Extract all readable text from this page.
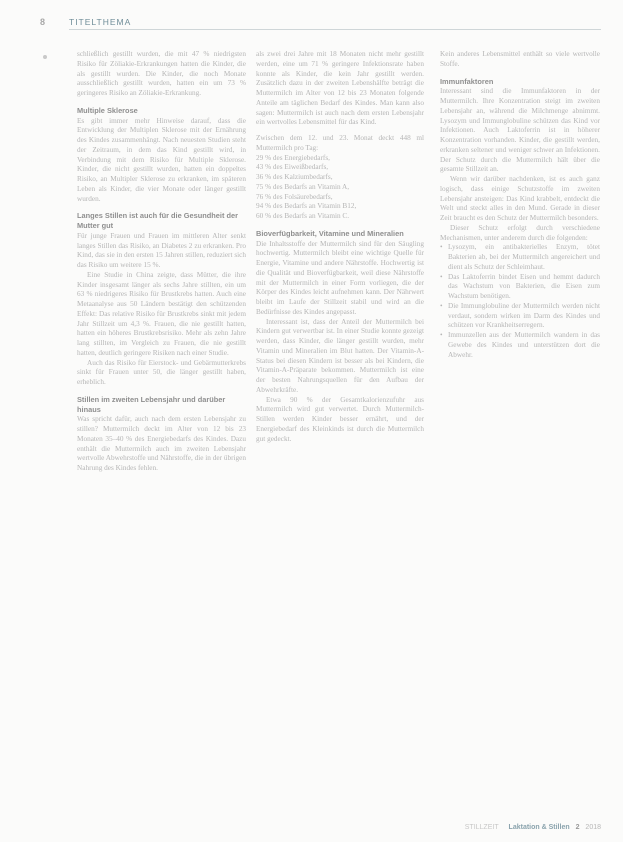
8	TITELTHEMA

schließlich gestillt wurden, die mit 47 % niedrigsten Risiko für Zöliakie-Erkrankungen hatten die Kinder, die als gestillt wurden. Die Kinder, die noch Monate ausschließlich gestillt wurden, hatten ein um 73 % geringeres Risiko an Zöliakie-Erkrankung.

Multiple Sklerose

Es gibt immer mehr Hinweise darauf, dass die Entwicklung der Multiplen Sklerose mit der Ernährung des Kindes zusammenhängt. Nach neuesten Studien steht der Zeitraum, in dem das Kind gestillt wird, in Verbindung mit dem Risiko für Multiple Sklerose. Kinder, die nicht gestillt wurden, hatten ein doppeltes Risiko, an Multipler Sklerose zu erkranken, im späteren Leben als Kinder, die vier Monate oder länger gestillt wurden.

Langes Stillen ist auch für die Gesundheit der Mutter gut

Für junge Frauen und Frauen im mittleren Alter senkt langes Stillen das Risiko, an Diabetes 2 zu erkranken. Pro Kind, das sie in den ersten 15 Jahren stillen, reduziert sich das Risiko um weitere 15 %.

Eine Studie in China zeigte, dass Mütter, die ihre Kinder insgesamt länger als sechs Jahre stillten, ein um 63 % niedrigeres Risiko für Brustkrebs hatten. Auch eine Metaanalyse aus 50 Ländern bestätigt den schützenden Effekt: Das relative Risiko für Brustkrebs sinkt mit jedem Jahr Stillzeit um 4,3 %. Frauen, die nie gestillt hatten, hatten ein höheres Brustkrebsrisiko. Mehr als zehn Jahre lang stillten, im Vergleich zu Frauen, die nie gestillt hatten, deutlich geringere Risiken nach einer Studie.

Auch das Risiko für Eierstock- und Gebärmutterkrebs sinkt für Frauen unter 50, die länger gestillt haben, erheblich.

Stillen im zweiten Lebensjahr und darüber hinaus

Was spricht dafür, auch nach dem ersten Lebensjahr zu stillen? Muttermilch deckt im Alter von 12 bis 23 Monaten 35–40 % des Energiebedarfs des Kindes. Dazu enthält die Muttermilch auch im zweiten Lebensjahr wertvolle Abwehrstoffe und Nährstoffe, die in der übrigen Nahrung des Kindes fehlen.

als zwei drei Jahre mit 18 Monaten nicht mehr gestillt werden, eine um 71 % geringere Infektionsrate haben konnte als Kinder, die kein Jahr gestillt werden. Zusätzlich dazu in der zweiten Lebenshälfte beträgt die Muttermilch im Alter von 12 bis 23 Monaten folgende Anteile am täglichen Bedarf des Kindes. Man kann also sagen: Muttermilch ist auch nach dem ersten Lebensjahr ein wertvolles Lebensmittel für das Kind.

Zwischen dem 12. und 23. Monat deckt 448 ml Muttermilch pro Tag:

29 % des Energiebedarfs,
43 % des Eiweißbedarfs,
36 % des Kalziumbedarfs,
75 % des Bedarfs an Vitamin A,
76 % des Folsäurebedarfs,
94 % des Bedarfs an Vitamin B12,
60 % des Bedarfs an Vitamin C.
Bioverfügbarkeit, Vitamine und Mineralien

Die Inhaltsstoffe der Muttermilch sind für den Säugling hochwertig. Muttermilch bleibt eine wichtige Quelle für Energie, Vitamine und andere Nährstoffe. Hochwertig ist die Qualität und Bioverfügbarkeit, weil diese Nährstoffe mit der Muttermilch in einer Form vorliegen, die der Körper des Kindes leicht aufnehmen kann. Der Nährwert bleibt im Laufe der Stillzeit stabil und wird an die Bedürfnisse des Kindes angepasst.

Interessant ist, dass der Anteil der Muttermilch bei Kindern gut verwertbar ist. In einer Studie konnte gezeigt werden, dass Kinder, die länger gestillt wurden, mehr Vitamin und Mineralien im Blut hatten. Der Vitamin-A-Status bei diesen Kindern ist besser als bei Kindern, die Vitamin-A-Präparate bekommen. Muttermilch ist eine der besten Nahrungsquellen für den Aufbau der Abwehrkräfte.

Etwa 90 % der Gesamtkalorienzufuhr aus Muttermilch wird gut verwertet. Durch Muttermilch-Stillen werden Kinder besser ernährt, und der Energiebedarf des Kleinkinds ist durch die Muttermilch gut gedeckt.

Kein anderes Lebensmittel enthält so viele wertvolle Stoffe.

Immunfaktoren

Interessant sind die Immunfaktoren in der Muttermilch. Ihre Konzentration steigt im zweiten Lebensjahr an, während die Milchmenge abnimmt. Lysozym und Immunglobuline schützen das Kind vor Infektionen. Auch Laktoferrin ist in höherer Konzentration vorhanden. Kinder, die gestillt werden, erkranken seltener und weniger schwer an Infektionen. Der Schutz durch die Muttermilch hält über die gesamte Stillzeit an.

Wenn wir darüber nachdenken, ist es auch ganz logisch, dass einige Schutzstoffe im zweiten Lebensjahr ansteigen: Das Kind krabbelt, entdeckt die Welt und steckt alles in den Mund. Gerade in dieser Zeit braucht es den Schutz der Muttermilch besonders.

Dieser Schutz erfolgt durch verschiedene Mechanismen, unter anderem durch die folgenden:

• Lysozym, ein antibakterielles Enzym, tötet Bakterien ab, bei der Muttermilch angereichert und dient als Schutz der Schleimhaut.
• Das Laktoferrin bindet Eisen und hemmt dadurch das Wachstum von Bakterien, die Eisen zum Wachstum benötigen.
• Die Immunglobuline der Muttermilch werden nicht verdaut, sondern wirken im Darm des Kindes und schützen vor Krankheitserregern.
• Immunzellen aus der Muttermilch wandern in das Gewebe des Kindes und unterstützen dort die Abwehr.
STILLZEIT Laktation & Stillen 2 2018
